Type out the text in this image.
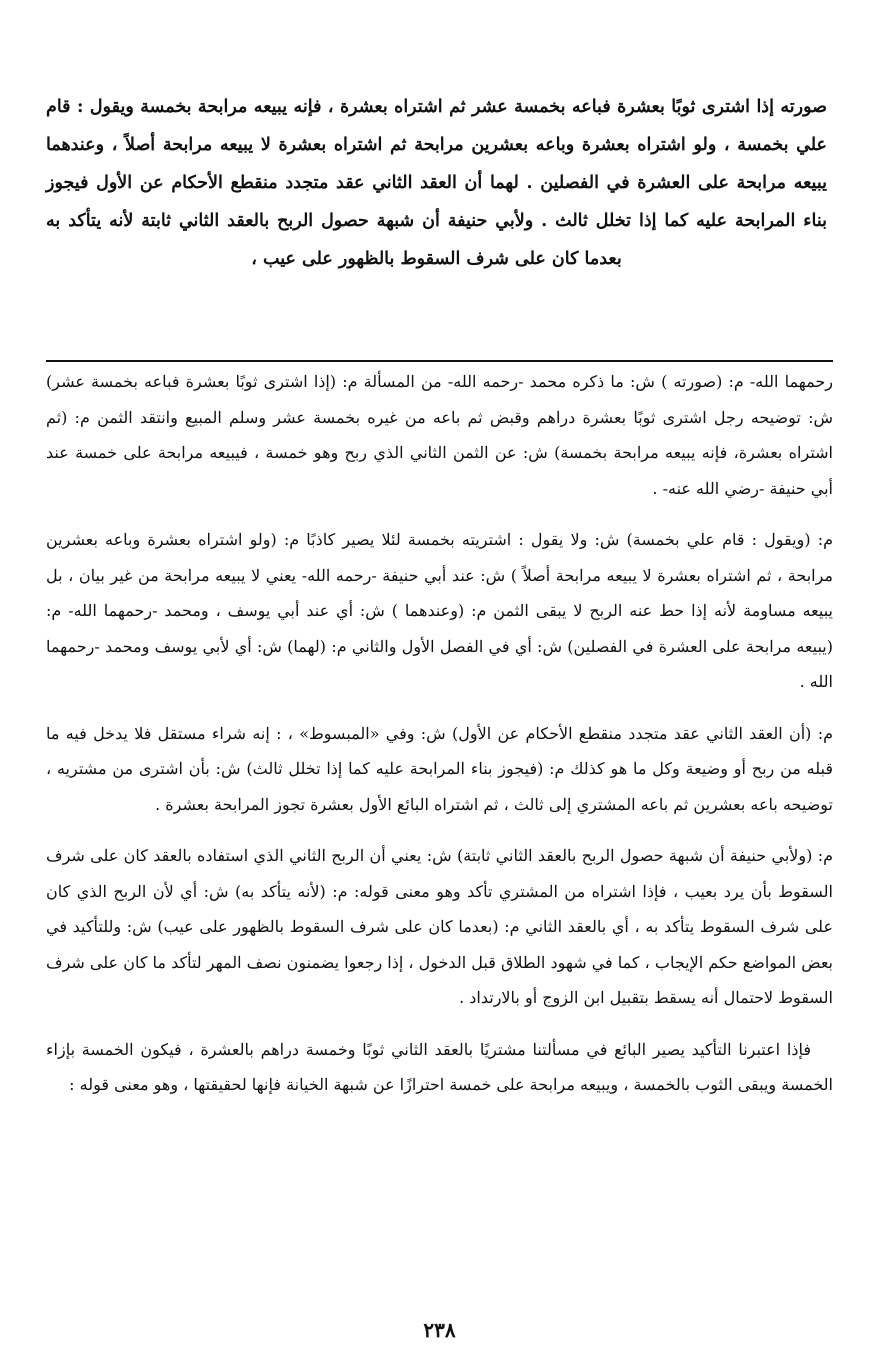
صورته إذا اشترى ثوبًا بعشرة فباعه بخمسة عشر ثم اشتراه بعشرة ، فإنه يبيعه مرابحة بخمسة ويقول : قام علي بخمسة ، ولو اشتراه بعشرة وباعه بعشرين مرابحة ثم اشتراه بعشرة لا يبيعه مرابحة أصلاً ، وعندهما يبيعه مرابحة على العشرة في الفصلين . لهما أن العقد الثاني عقد متجدد منقطع الأحكام عن الأول فيجوز بناء المرابحة عليه كما إذا تخلل ثالث . ولأبي حنيفة أن شبهة حصول الربح بالعقد الثاني ثابتة لأنه يتأكد به بعدما كان على شرف السقوط بالظهور على عيب ،

رحمهما الله- م: (صورته ) ش: ما ذكره محمد -رحمه الله- من المسألة م: (إذا اشترى ثوبًا بعشرة فباعه بخمسة عشر) ش: توضيحه رجل اشترى ثوبًا بعشرة دراهم وقبض ثم باعه من غيره بخمسة عشر وسلم المبيع وانتقد الثمن م: (ثم اشتراه بعشرة، فإنه يبيعه مرابحة بخمسة) ش: عن الثمن الثاني الذي ربح وهو خمسة ، فيبيعه مرابحة على خمسة عند أبي حنيفة -رضي الله عنه- .

م: (ويقول : قام علي بخمسة) ش: ولا يقول : اشتريته بخمسة لئلا يصير كاذبًا م: (ولو اشتراه بعشرة وباعه بعشرين مرابحة ، ثم اشتراه بعشرة لا يبيعه مرابحة أصلاً ) ش: عند أبي حنيفة -رحمه الله- يعني لا يبيعه مرابحة من غير بيان ، بل يبيعه مساومة لأنه إذا حط عنه الربح لا يبقى الثمن م: (وعندهما ) ش: أي عند أبي يوسف ، ومحمد -رحمهما الله- م: (يبيعه مرابحة على العشرة في الفصلين) ش: أي في الفصل الأول والثاني م: (لهما) ش: أي لأبي يوسف ومحمد -رحمهما الله .

م: (أن العقد الثاني عقد متجدد منقطع الأحكام عن الأول) ش: وفي «المبسوط» ، : إنه شراء مستقل فلا يدخل فيه ما قبله من ربح أو وضيعة وكل ما هو كذلك م: (فيجوز بناء المرابحة عليه كما إذا تخلل ثالث) ش: بأن اشترى من مشتريه ، توضيحه باعه بعشرين ثم باعه المشتري إلى ثالث ، ثم اشتراه البائع الأول بعشرة تجوز المرابحة بعشرة .

م: (ولأبي حنيفة أن شبهة حصول الربح بالعقد الثاني ثابتة) ش: يعني أن الربح الثاني الذي استفاده بالعقد كان على شرف السقوط بأن يرد بعيب ، فإذا اشتراه من المشتري تأكد وهو معنى قوله: م: (لأنه يتأكد به) ش: أي لأن الربح الذي كان على شرف السقوط يتأكد به ، أي بالعقد الثاني م: (بعدما كان على شرف السقوط بالظهور على عيب) ش: وللتأكيد في بعض المواضع حكم الإيجاب ، كما في شهود الطلاق قبل الدخول ، إذا رجعوا يضمنون نصف المهر لتأكد ما كان على شرف السقوط لاحتمال أنه يسقط بتقبيل ابن الزوج أو بالارتداد .

فإذا اعتبرنا التأكيد يصير البائع في مسألتنا مشتريًا بالعقد الثاني ثوبًا وخمسة دراهم بالعشرة ، فيكون الخمسة بإزاء الخمسة ويبقى الثوب بالخمسة ، ويبيعه مرابحة على خمسة احترازًا عن شبهة الخيانة فإنها لحقيقتها ، وهو معنى قوله :

٢٣٨
